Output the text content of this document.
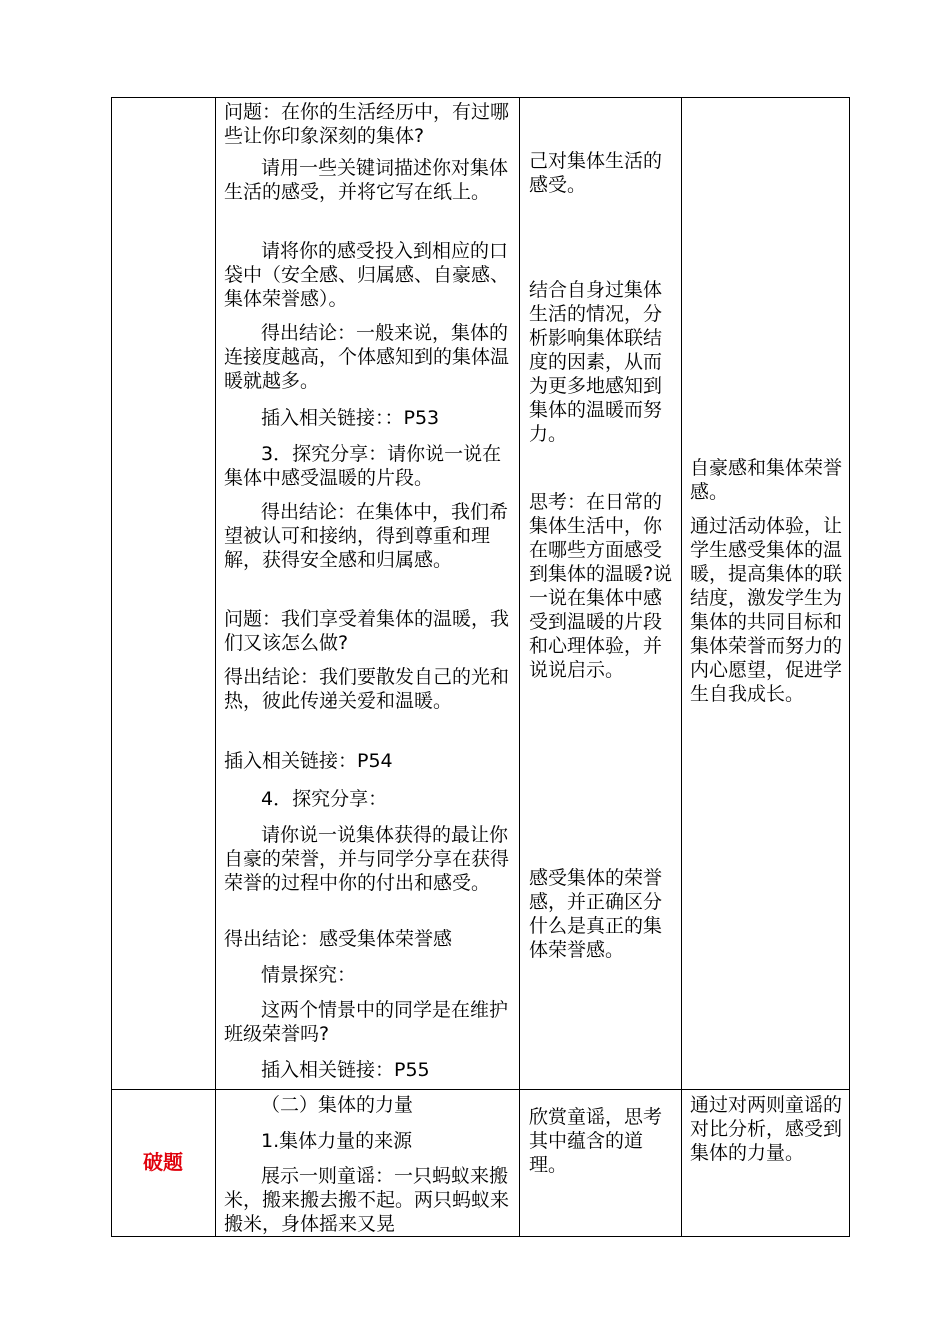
问题：在你的生活经历中，有过哪些让你印象深刻的集体?

请用一些关键词描述你对集体生活的感受，并将它写在纸上。

请将你的感受投入到相应的口袋中（安全感、归属感、自豪感、集体荣誉感）。

得出结论：一般来说，集体的连接度越高，个体感知到的集体温暖就越多。

插入相关链接：：P53

3．探究分享：请你说一说在集体中感受温暖的片段。

得出结论：在集体中，我们希望被认可和接纳，得到尊重和理解，获得安全感和归属感。

问题：我们享受着集体的温暖，我们又该怎么做?

得出结论：我们要散发自己的光和热，彼此传递关爱和温暖。

插入相关链接：P54

4．探究分享：

请你说一说集体获得的最让你自豪的荣誉，并与同学分享在获得荣誉的过程中你的付出和感受。

得出结论：感受集体荣誉感

情景探究：

这两个情景中的同学是在维护班级荣誉吗?

插入相关链接：P55

己对集体生活的感受。

结合自身过集体生活的情况，分析影响集体联结度的因素，从而为更多地感知到集体的温暖而努力。

思考：在日常的集体生活中，你在哪些方面感受到集体的温暖?说一说在集体中感受到温暖的片段和心理体验，并说说启示。

感受集体的荣誉感，并正确区分什么是真正的集体荣誉感。

自豪感和集体荣誉感。

通过活动体验，让学生感受集体的温暖，提高集体的联结度，激发学生为集体的共同目标和集体荣誉而努力的内心愿望，促进学生自我成长。

破题

（二）集体的力量

1.集体力量的来源

展示一则童谣：一只蚂蚁来搬米，搬来搬去搬不起。两只蚂蚁来搬米，身体摇来又晃

欣赏童谣，思考其中蕴含的道理。

通过对两则童谣的对比分析，感受到集体的力量。
